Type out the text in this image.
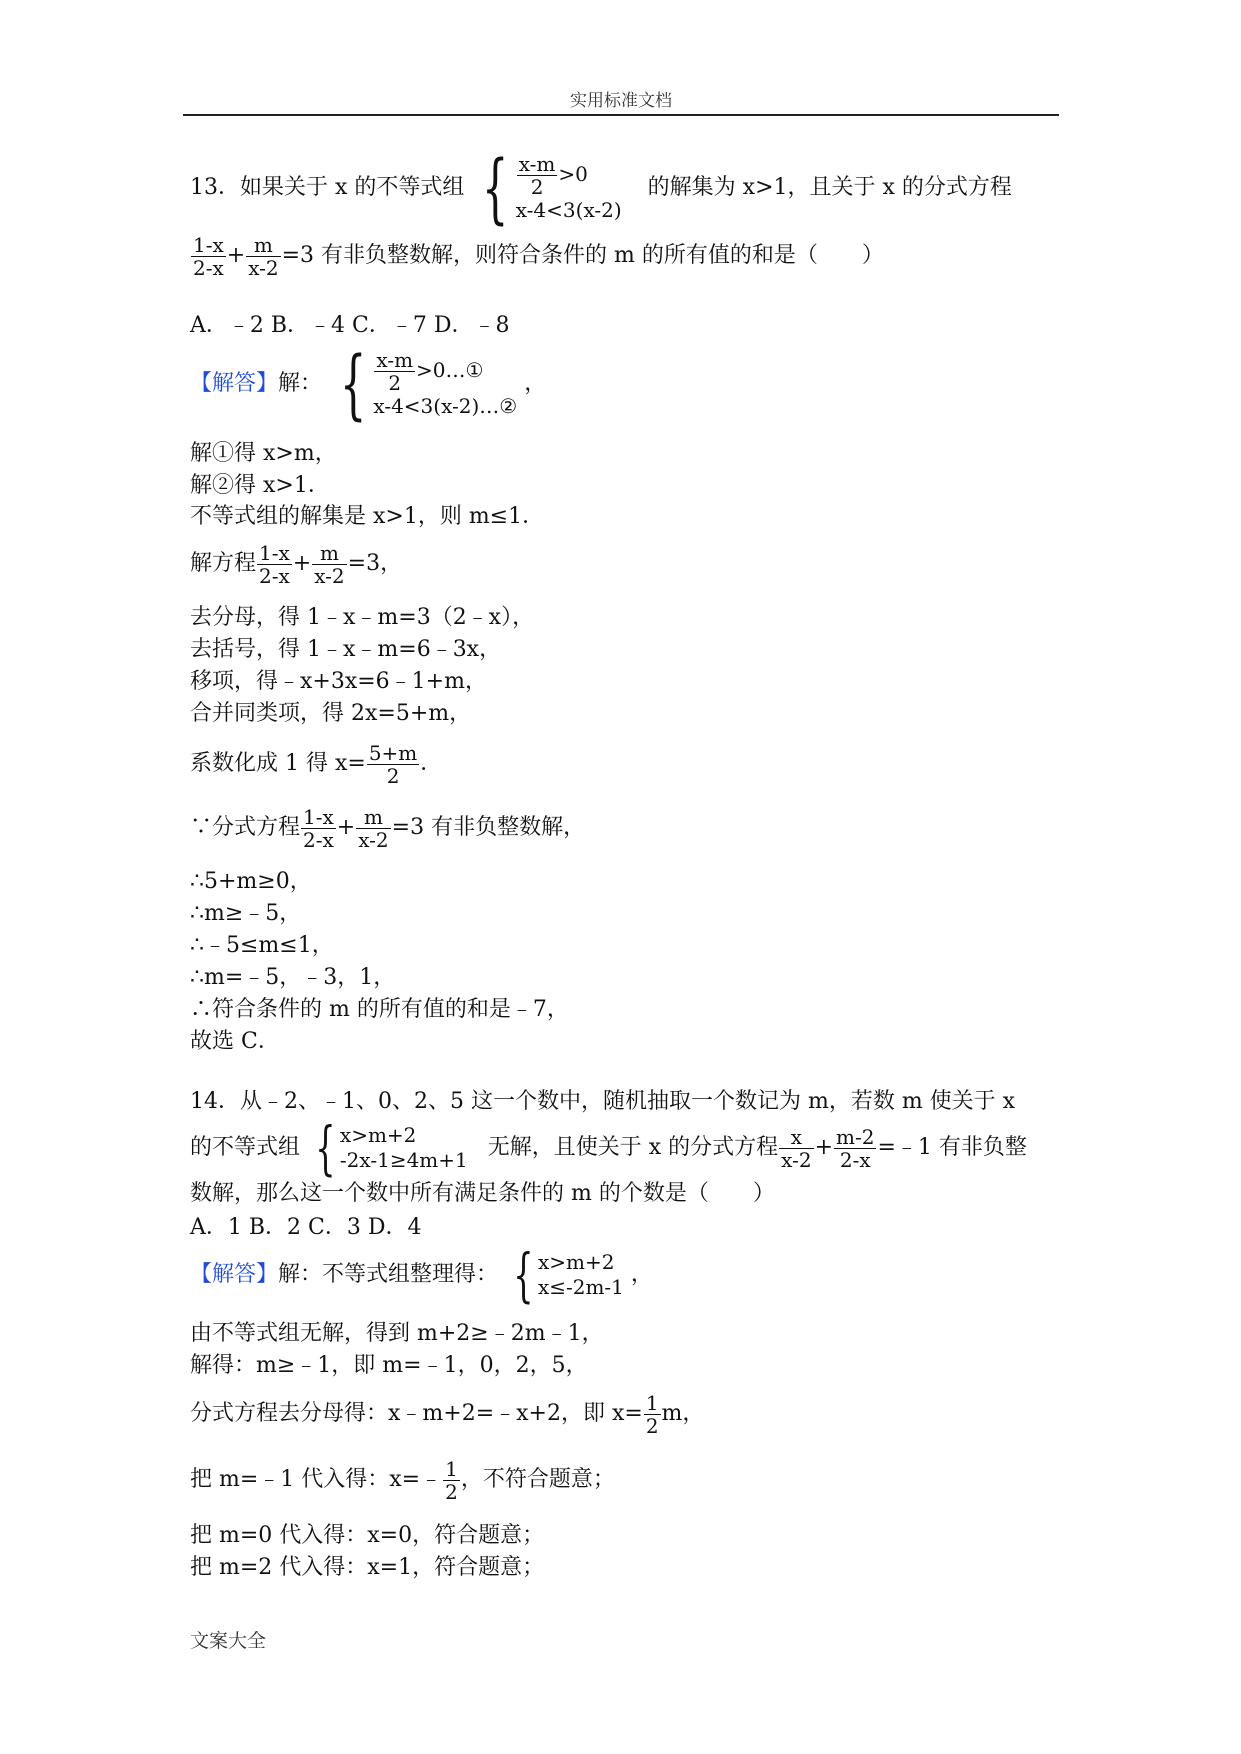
实用标准文档
13．如果关于 x 的不等式组 { $\frac{x-m}{2} >0$
x-4<3(x-2)
的解集为 x>1，且关于 x 的分式方程
$\frac{1-x}{2-x} + \frac{m}{x-2} =3$ 有非负整数解，则符合条件的 m 的所有值的和是（　　）
A．﹣2 B．﹣4 C．﹣7 D．﹣8
【解答】解： { $\frac{x-m}{2}$ >0…①
x-4<3(x-2)…②
，
解①得 x>m，
解②得 x>1．
不等式组的解集是 x>1，则 m≤1．
解方程 $\frac{1-x}{2-x} + \frac{m}{x-2} =3$，
去分母，得 1﹣x﹣m=3（2﹣x），
去括号，得 1﹣x﹣m=6﹣3x，
移项，得﹣x+3x=6﹣1+m，
合并同类项，得 2x=5+m，
系数化成 1 得 $x= \frac{5+m}{2}$ ．
∵分式方程 $\frac{1-x}{2-x} + \frac{m}{x-2} =3$ 有非负整数解，
∴5+m≥0，
∴m≥﹣5，
∴﹣5≤m≤1，
∴m=﹣5，﹣3，1，
∴符合条件的 m 的所有值的和是﹣7，
故选 C．
14．从﹣2、﹣1、0、2、5 这一个数中，随机抽取一个数记为 m，若数 m 使关于 x
的不等式组 { x>m+2
-2x-1≥4m+1 无解，且使关于 x 的分式方程 $\frac{x}{x-2} + \frac{m-2}{2-x}$ =﹣1 有非负整
数解，那么这一个数中所有满足条件的 m 的个数是（　　）
A．1 B．2 C．3 D．4
【解答】解：不等式组整理得： { x>m+2
x≤-2m-1 ，
由不等式组无解，得到 m+2≥﹣2m﹣1，
解得：m≥﹣1，即 m=﹣1，0，2，5，
分式方程去分母得：x﹣m+2=﹣x+2，即 $x= \frac{1}{2}$ m，
把 m=﹣1 代入得：x=﹣ $\frac{1}{2}$ ，不符合题意；
把 m=0 代入得：x=0，符合题意；
把 m=2 代入得：x=1，符合题意；
文案大全
